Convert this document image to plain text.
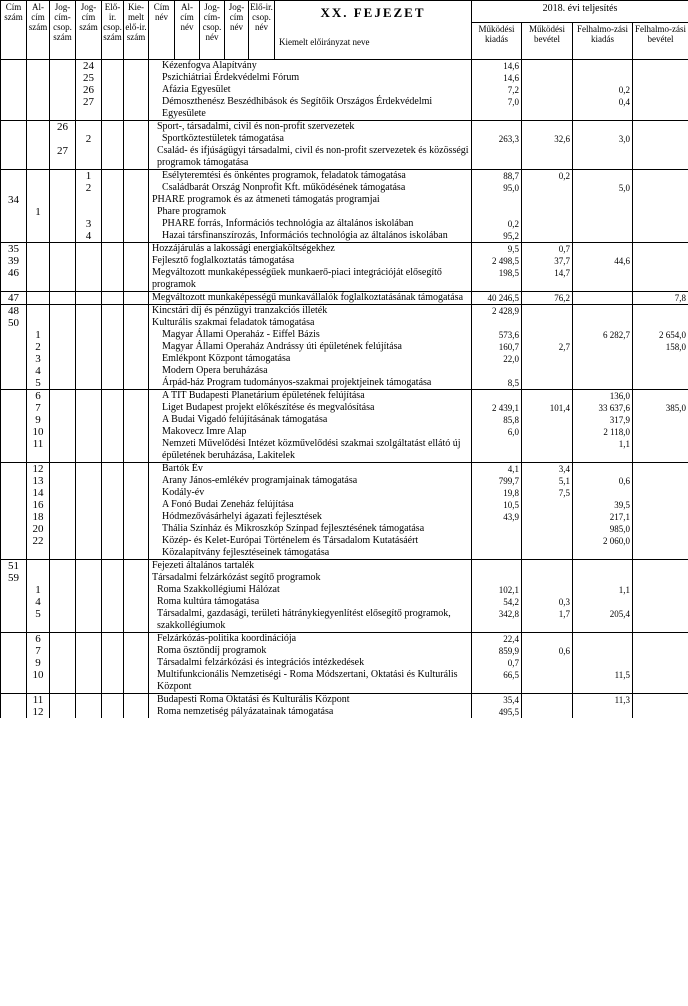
Cím szám	Al-cím szám	Jog-cím-csop. szám	Jog-cím szám	Elő-ir. csop. szám	Kie-melt elő-ir. szám	Cím név	Al-cím név	Jog-cím-csop. név	Jog-cím név	Elő-ir. csop. név	XX. FEJEZET	2018. évi teljesítés			
											Kiemelt előirányzat neve	Működési kiadás	Működési bevétel	Felhalmo-zási kiadás	Felhalmo-zási bevétel
			24			Kézenfogva Alapítvány						14,6			
			25			Pszichiátriai Érdekvédelmi Fórum						14,6			
			26			Afázia Egyesület						7,2		0,2	
			27			Démoszthenész Beszédhibások és Segítőik Országos Érdekvédelmi Egyesülete						7,0		0,4	
		26				Sport-, társadalmi, civil és non-profit szervezetek									
			2			Sportköztestületek támogatása						263,3	32,6	3,0	
		27				Család- és ifjúságügyi társadalmi, civil és non-profit szervezetek és közösségi programok támogatása									
			1			Esélyteremtési és önkéntes programok, feladatok támogatása						88,7	0,2		
			2			Családbarát Ország Nonprofit Kft. működésének támogatása						95,0		5,0	
34						PHARE programok és az átmeneti támogatás programjai									
	1					Phare programok									
			3			PHARE forrás, Információs technológia az általános iskolában						0,2			
			4			Hazai társfinanszírozás, Információs technológia az általános iskolában						95,2			
35						Hozzájárulás a lakossági energiaköltségekhez						9,5	0,7		
39						Fejlesztő foglalkoztatás támogatása						2 498,5	37,7	44,6	
46						Megváltozott munkaképességűek munkaerő-piaci integrációját elősegítő programok						198,5	14,7		
47						Megváltozott munkaképességű munkavállalók foglalkoztatásának támogatása						40 246,5	76,2		7,8
48						Kincstári díj és pénzügyi tranzakciós illeték						2 428,9			
50						Kulturális szakmai feladatok támogatása									
	1					Magyar Állami Operaház - Eiffel Bázis						573,6		6 282,7	2 654,0
	2					Magyar Állami Operaház Andrássy úti épületének felújítása						160,7	2,7		158,0
	3					Emlékpont Központ támogatása						22,0			
	4					Modern Opera beruházása									
	5					Árpád-ház Program tudományos-szakmai projektjeinek támogatása						8,5			
	6					A TIT Budapesti Planetárium épületének felújítása								136,0	
	7					Liget Budapest projekt előkészítése és megvalósítása						2 439,1	101,4	33 637,6	385,0
	9					A Budai Vigadó felújításának támogatása						85,8		317,9	
	10					Makovecz Imre Alap						6,0		2 118,0	
	11					Nemzeti Művelődési Intézet közművelődési szakmai szolgáltatást ellátó új épületének beruházása, Lakitelek								1,1	
	12					Bartók Év						4,1	3,4		
	13					Arany János-emlékév programjainak támogatása						799,7	5,1	0,6	
	14					Kodály-év						19,8	7,5		
	16					A Fonó Budai Zeneház felújítása						10,5		39,5	
	18					Hódmezővásárhelyi ágazati fejlesztések						43,9		217,1	
	20					Thália Színház és Mikroszkóp Színpad fejlesztésének támogatása								985,0	
	22					Közép- és Kelet-Európai Történelem és Társadalom Kutatásáért Közalapítvány fejlesztéseinek támogatása								2 060,0	
51						Fejezeti általános tartalék									
59						Társadalmi felzárkózást segítő programok									
	1					Roma Szakkollégiumi Hálózat						102,1		1,1	
	4					Roma kultúra támogatása						54,2	0,3		
	5					Társadalmi, gazdasági, területi hátránykiegyenlítést elősegítő programok, szakkollégiumok						342,8	1,7	205,4	
	6					Felzárkózás-politika koordinációja						22,4			
	7					Roma ösztöndíj programok						859,9	0,6		
	9					Társadalmi felzárkózási és integrációs intézkedések						0,7			
	10					Multifunkcionális Nemzetiségi - Roma Módszertani, Oktatási és Kulturális Központ						66,5		11,5	
	11					Budapesti Roma Oktatási és Kulturális Központ						35,4		11,3	
	12					Roma nemzetiség pályázatainak támogatása						495,5			
